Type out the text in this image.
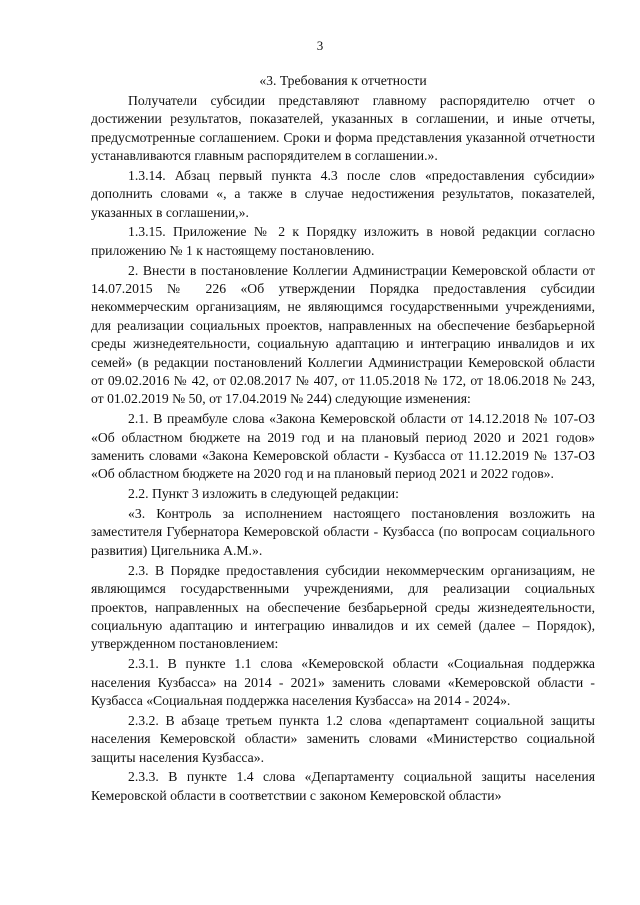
3

«3. Требования к отчетности

Получатели субсидии представляют главному распорядителю отчет о достижении результатов, показателей, указанных в соглашении, и иные отчеты, предусмотренные соглашением. Сроки и форма представления указанной отчетности устанавливаются главным распорядителем в соглашении.».

1.3.14. Абзац первый пункта 4.3 после слов «предоставления субсидии» дополнить словами «, а также в случае недостижения результатов, показателей, указанных в соглашении,».

1.3.15. Приложение № 2 к Порядку изложить в новой редакции согласно приложению № 1 к настоящему постановлению.

2. Внести в постановление Коллегии Администрации Кемеровской области от 14.07.2015 № 226 «Об утверждении Порядка предоставления субсидии некоммерческим организациям, не являющимся государственными учреждениями, для реализации социальных проектов, направленных на обеспечение безбарьерной среды жизнедеятельности, социальную адаптацию и интеграцию инвалидов и их семей» (в редакции постановлений Коллегии Администрации Кемеровской области от 09.02.2016 № 42, от 02.08.2017 № 407, от 11.05.2018 № 172, от 18.06.2018 № 243, от 01.02.2019 № 50, от 17.04.2019 № 244) следующие изменения:

2.1. В преамбуле слова «Закона Кемеровской области от 14.12.2018 № 107-ОЗ «Об областном бюджете на 2019 год и на плановый период 2020 и 2021 годов» заменить словами «Закона Кемеровской области - Кузбасса от 11.12.2019 № 137-ОЗ «Об областном бюджете на 2020 год и на плановый период 2021 и 2022 годов».

2.2. Пункт 3 изложить в следующей редакции:

«3. Контроль за исполнением настоящего постановления возложить на заместителя Губернатора Кемеровской области - Кузбасса (по вопросам социального развития) Цигельника А.М.».

2.3. В Порядке предоставления субсидии некоммерческим организациям, не являющимся государственными учреждениями, для реализации социальных проектов, направленных на обеспечение безбарьерной среды жизнедеятельности, социальную адаптацию и интеграцию инвалидов и их семей (далее – Порядок), утвержденном постановлением:

2.3.1. В пункте 1.1 слова «Кемеровской области «Социальная поддержка населения Кузбасса» на 2014 - 2021» заменить словами «Кемеровской области - Кузбасса «Социальная поддержка населения Кузбасса» на 2014 - 2024».

2.3.2. В абзаце третьем пункта 1.2 слова «департамент социальной защиты населения Кемеровской области» заменить словами «Министерство социальной защиты населения Кузбасса».

2.3.3. В пункте 1.4 слова «Департаменту социальной защиты населения Кемеровской области в соответствии с законом Кемеровской области»
